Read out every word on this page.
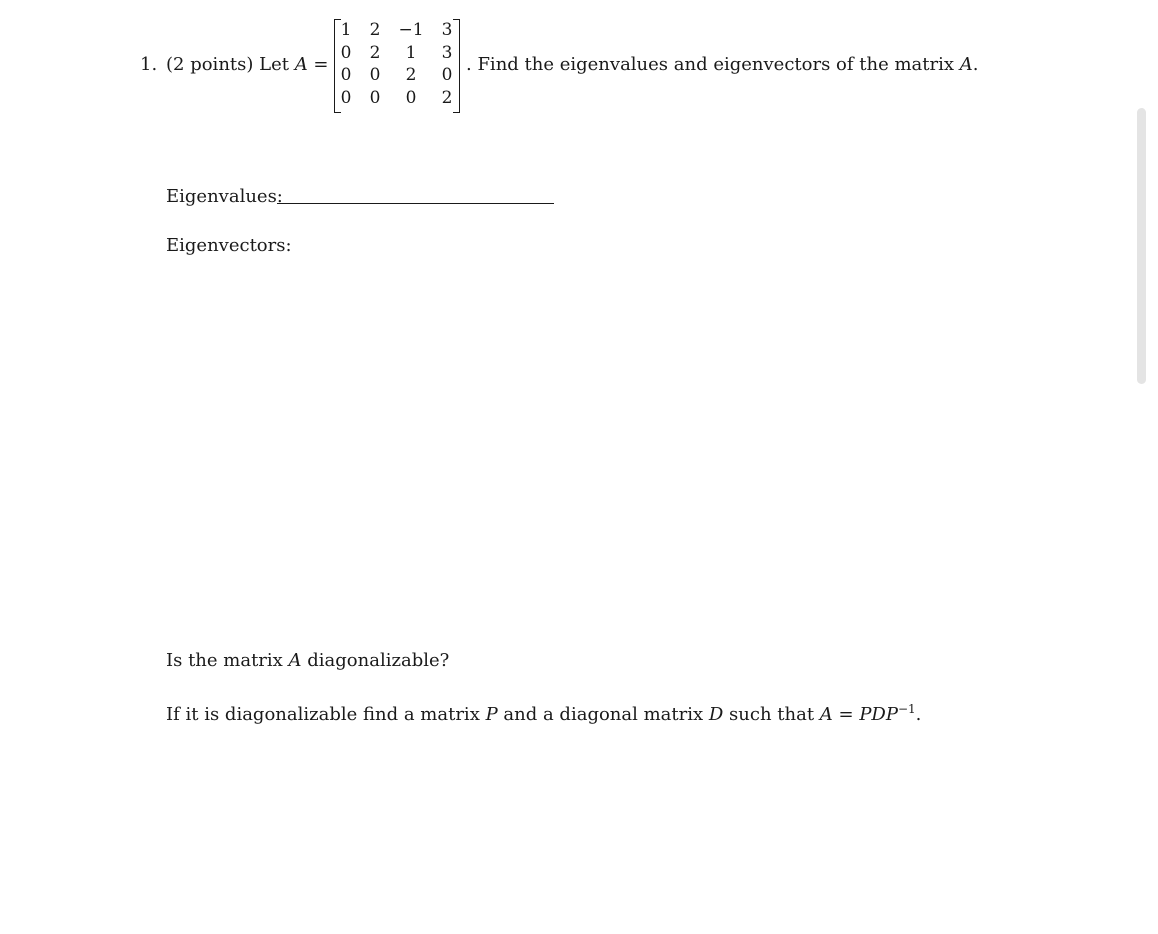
1. (2 points) Let A =
1	2	−1	3
0	2	1	3
0	0	2	0
0	0	0	2
. Find the eigenvalues and eigenvectors of the matrix A.
Eigenvalues:
Eigenvectors:
Is the matrix A diagonalizable?
If it is diagonalizable find a matrix P and a diagonal matrix D such that $A = PDP^{-1}$.
